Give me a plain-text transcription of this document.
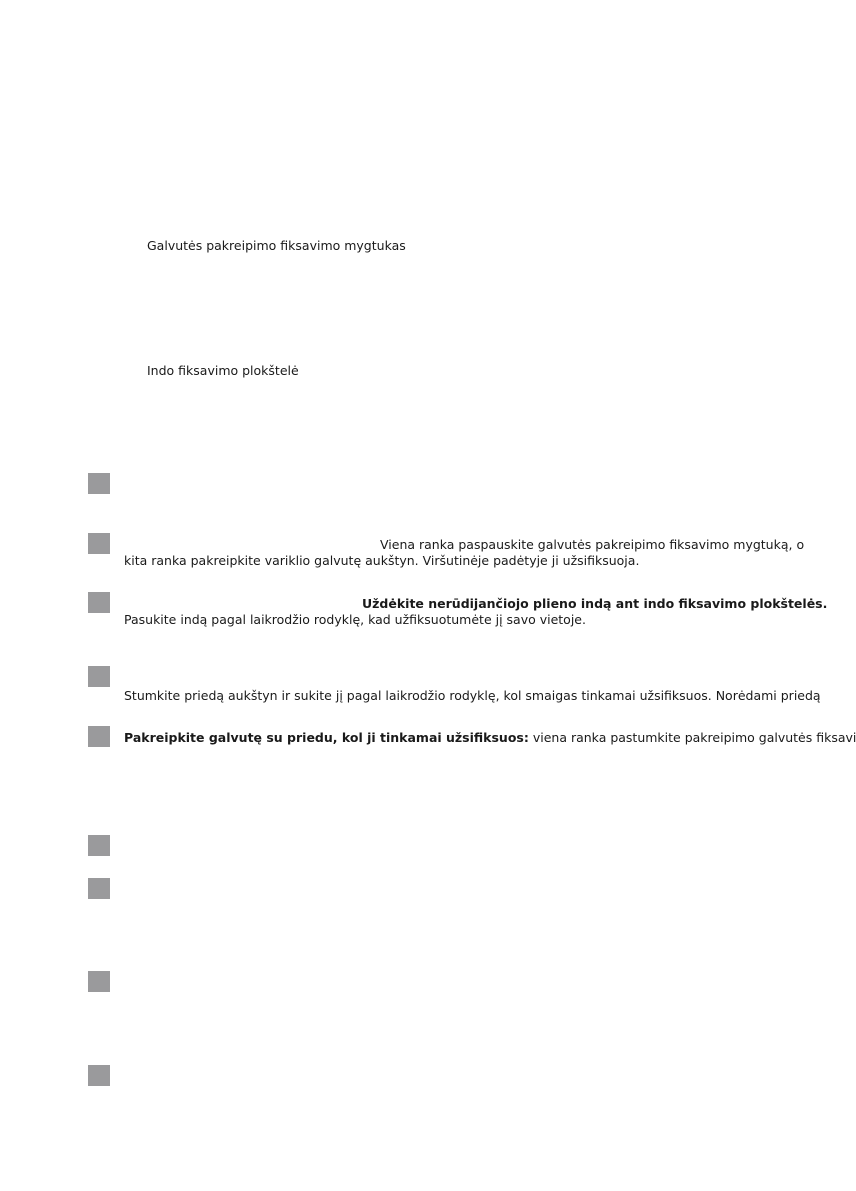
Galvutės pakreipimo fiksavimo mygtukas
Indo fiksavimo plokštelė
Viena ranka paspauskite galvutės pakreipimo fiksavimo mygtuką, o
kita ranka pakreipkite variklio galvutę aukštyn. Viršutinėje padėtyje ji užsifiksuoja.
Uždėkite nerūdijančiojo plieno indą ant indo fiksavimo plokštelės.
Pasukite indą pagal laikrodžio rodyklę, kad užfiksuotumėte jį savo vietoje.
Stumkite priedą aukštyn ir sukite jį pagal laikrodžio rodyklę, kol smaigas tinkamai užsifiksuos. Norėdami priedą
Pakreipkite galvutę su priedu, kol ji tinkamai užsifiksuos: viena ranka pastumkite pakreipimo galvutės fiksavi
